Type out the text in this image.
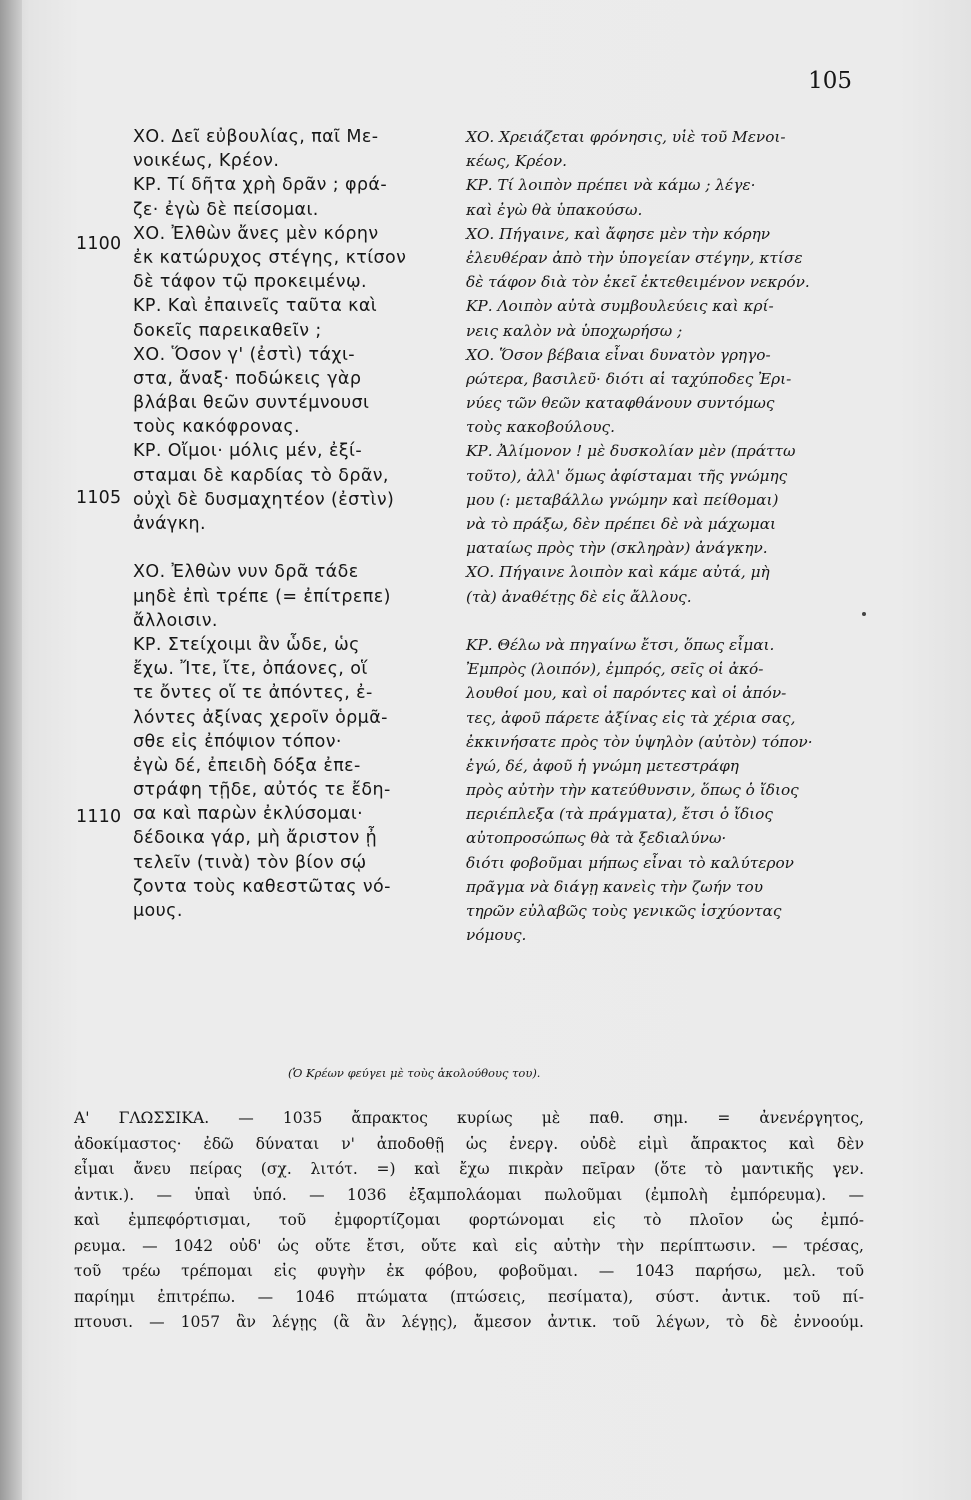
105
1100
1105
1110
ΧΟ. Δεῖ εὐβουλίας, παῖ Με-
νοικέως, Κρέον.
ΚΡ. Τί δῆτα χρὴ δρᾶν ; φρά-
ζε· ἐγὼ δὲ πείσομαι.
ΧΟ. Ἐλθὼν ἄνες μὲν κόρην
ἐκ κατώρυχος στέγης, κτίσον
δὲ τάφον τῷ προκειμένῳ.
ΚΡ. Καὶ ἐπαινεῖς ταῦτα καὶ
δοκεῖς παρεικαθεῖν ;
ΧΟ. Ὅσον γ' (ἐστὶ) τάχι-
στα, ἄναξ· ποδώκεις γὰρ
βλάβαι θεῶν συντέμνουσι
τοὺς κακόφρονας.
ΚΡ. Οἴμοι· μόλις μέν, ἐξί-
σταμαι δὲ καρδίας τὸ δρᾶν,
οὐχὶ δὲ δυσμαχητέον (ἐστὶν)
ἀνάγκη.
ΧΟ. Ἐλθὼν νυν δρᾶ τάδε
μηδὲ ἐπὶ τρέπε (= ἐπίτρεπε)
ἄλλοισιν.
ΚΡ. Στείχοιμι ἂν ὧδε, ὡς
ἔχω. Ἴτε, ἴτε, ὀπάονες, οἵ
τε ὄντες οἵ τε ἀπόντες, ἐ-
λόντες ἀξίνας χεροῖν ὁρμᾶ-
σθε εἰς ἐπόψιον τόπον·
ἐγὼ δέ, ἐπειδὴ δόξα ἐπε-
στράφη τῇδε, αὐτός τε ἔδη-
σα καὶ παρὼν ἐκλύσομαι·
δέδοικα γάρ, μὴ ἄριστον ᾖ
τελεῖν (τινὰ) τὸν βίον σῴ
ζοντα τοὺς καθεστῶτας νό-
μους.
ΧΟ. Χρειάζεται φρόνησις, υἱὲ τοῦ Μενοι-
κέως, Κρέον.
ΚΡ. Τί λοιπὸν πρέπει νὰ κάμω ; λέγε·
καὶ ἐγὼ θὰ ὑπακούσω.
ΧΟ. Πήγαινε, καὶ ἄφησε μὲν τὴν κόρην
ἐλευθέραν ἀπὸ τὴν ὑπογείαν στέγην, κτίσε
δὲ τάφον διὰ τὸν ἐκεῖ ἐκτεθειμένον νεκρόν.
ΚΡ. Λοιπὸν αὐτὰ συμβουλεύεις καὶ κρί-
νεις καλὸν νὰ ὑποχωρήσω ;
ΧΟ. Ὅσον βέβαια εἶναι δυνατὸν γρηγο-
ρώτερα, βασιλεῦ· διότι αἱ ταχύποδες Ἐρι-
νύες τῶν θεῶν καταφθάνουν συντόμως
τοὺς κακοβούλους.
ΚΡ. Ἀλίμονον ! μὲ δυσκολίαν μὲν (πράττω
τοῦτο), ἀλλ' ὅμως ἀφίσταμαι τῆς γνώμης
μου (: μεταβάλλω γνώμην καὶ πείθομαι)
νὰ τὸ πράξω, δὲν πρέπει δὲ νὰ μάχωμαι
ματαίως πρὸς τὴν (σκληρὰν) ἀνάγκην.
ΧΟ. Πήγαινε λοιπὸν καὶ κάμε αὐτά, μὴ
(τὰ) ἀναθέτῃς δὲ εἰς ἄλλους.
ΚΡ. Θέλω νὰ πηγαίνω ἔτσι, ὅπως εἶμαι.
Ἐμπρὸς (λοιπόν), ἐμπρός, σεῖς οἱ ἀκό-
λουθοί μου, καὶ οἱ παρόντες καὶ οἱ ἀπόν-
τες, ἀφοῦ πάρετε ἀξίνας εἰς τὰ χέρια σας,
ἐκκινήσατε πρὸς τὸν ὑψηλὸν (αὐτὸν) τόπον·
ἐγώ, δέ, ἀφοῦ ἡ γνώμη μετεστράφη
πρὸς αὐτὴν τὴν κατεύθυνσιν, ὅπως ὁ ἴδιος
περιέπλεξα (τὰ πράγματα), ἔτσι ὁ ἴδιος
αὐτοπροσώπως θὰ τὰ ξεδιαλύνω·
διότι φοβοῦμαι μήπως εἶναι τὸ καλύτερον
πρᾶγμα νὰ διάγῃ κανεὶς τὴν ζωήν του
τηρῶν εὐλαβῶς τοὺς γενικῶς ἰσχύοντας
νόμους.
(Ὁ Κρέων φεύγει μὲ τοὺς ἀκολούθους του).
Α' ΓΛΩΣΣΙΚΑ. — 1035 ἄπρακτος κυρίως μὲ παθ. σημ. = ἀνενέργητος,
ἀδοκίμαστος· ἐδῶ δύναται ν' ἀποδοθῇ ὡς ἐνεργ. οὐδὲ εἰμὶ ἄπρακτος καὶ δὲν
εἶμαι ἄνευ πείρας (σχ. λιτότ. =) καὶ ἔχω πικρὰν πεῖραν (ὅτε τὸ μαντικῆς γεν.
ἀντικ.). — ὑπαὶ ὑπό. — 1036 ἐξαμπολάομαι πωλοῦμαι (ἐμπολὴ ἐμπόρευμα). —
καὶ ἐμπεφόρτισμαι, τοῦ ἐμφορτίζομαι φορτώνομαι εἰς τὸ πλοῖον ὡς ἐμπό-
ρευμα. — 1042 οὐδ' ὡς οὔτε ἔτσι, οὔτε καὶ εἰς αὐτὴν τὴν περίπτωσιν. — τρέσας,
τοῦ τρέω τρέπομαι εἰς φυγὴν ἐκ φόβου, φοβοῦμαι. — 1043 παρήσω, μελ. τοῦ
παρίημι ἐπιτρέπω. — 1046 πτώματα (πτώσεις, πεσίματα), σύστ. ἀντικ. τοῦ πί-
πτουσι. — 1057 ἂν λέγῃς (ἃ ἂν λέγῃς), ἄμεσον ἀντικ. τοῦ λέγων, τὸ δὲ ἐννοούμ.
